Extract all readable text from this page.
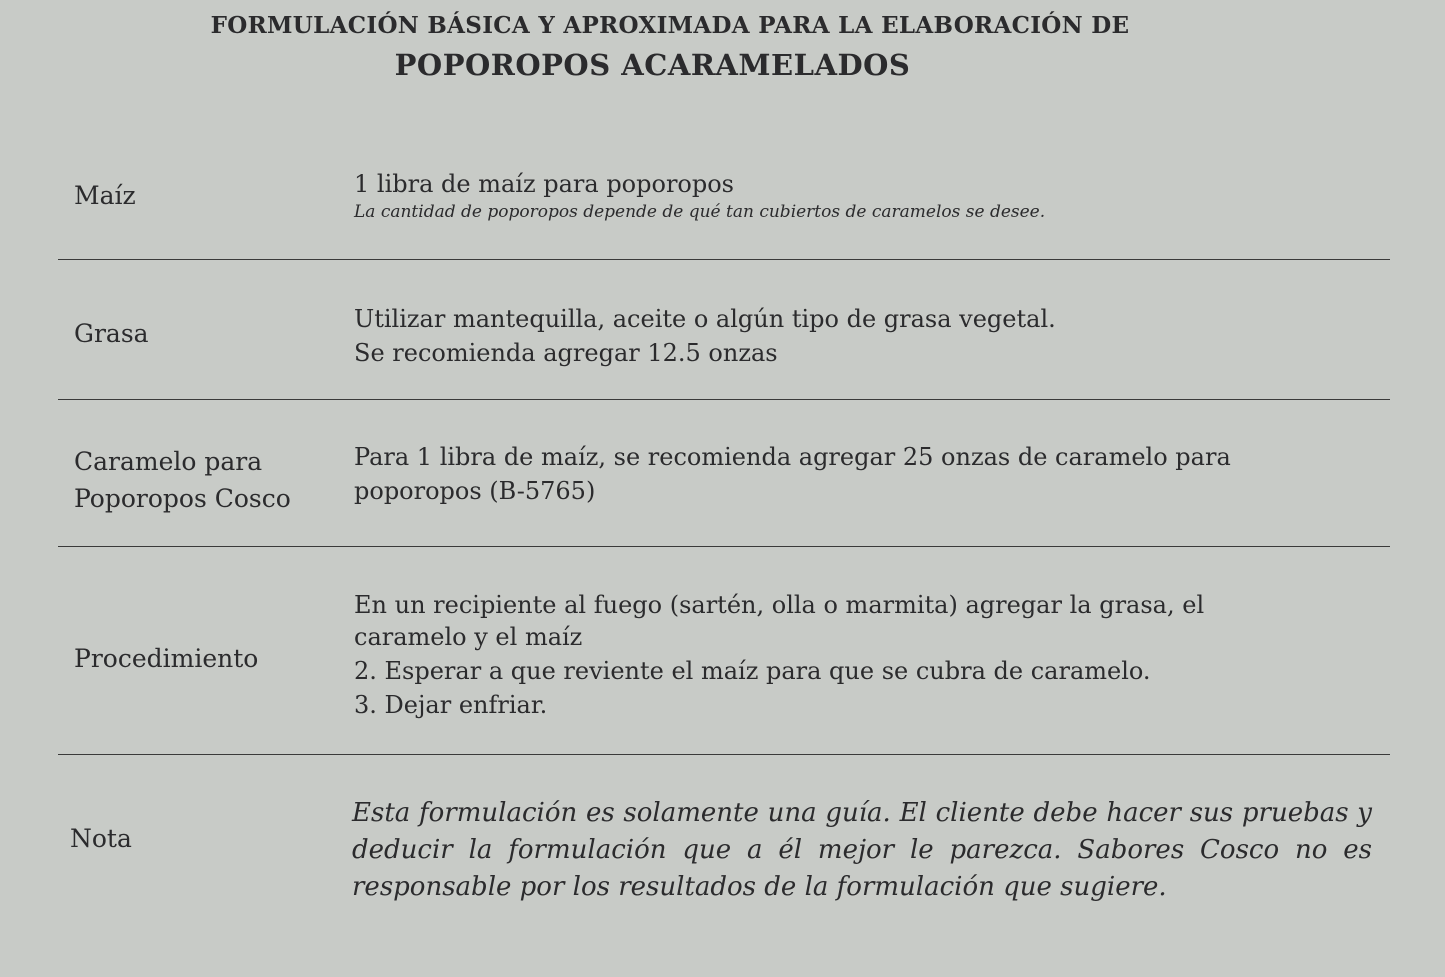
FORMULACIÓN BÁSICA Y APROXIMADA PARA LA ELABORACIÓN DE
POPOROPOS ACARAMELADOS
Maíz	1 libra de maíz para poporopos
La cantidad de poporopos depende de qué tan cubiertos de caramelos se desee.
Grasa	Utilizar mantequilla, aceite o algún tipo de grasa vegetal.
Se recomienda agregar 12.5 onzas
Caramelo para
Poporopos Cosco
Para 1 libra de maíz, se recomienda agregar 25 onzas de caramelo para
poporopos (B-5765)
Procedimiento
En un recipiente al fuego (sartén, olla o marmita) agregar la grasa, el
caramelo y el maíz
2. Esperar a que reviente el maíz para que se cubra de caramelo.
3. Dejar enfriar.
Nota
Esta formulación es solamente una guía. El cliente debe hacer sus pruebas y deducir la formulación que a él mejor le parezca. Sabores Cosco no es responsable por los resultados de la formulación que sugiere.
